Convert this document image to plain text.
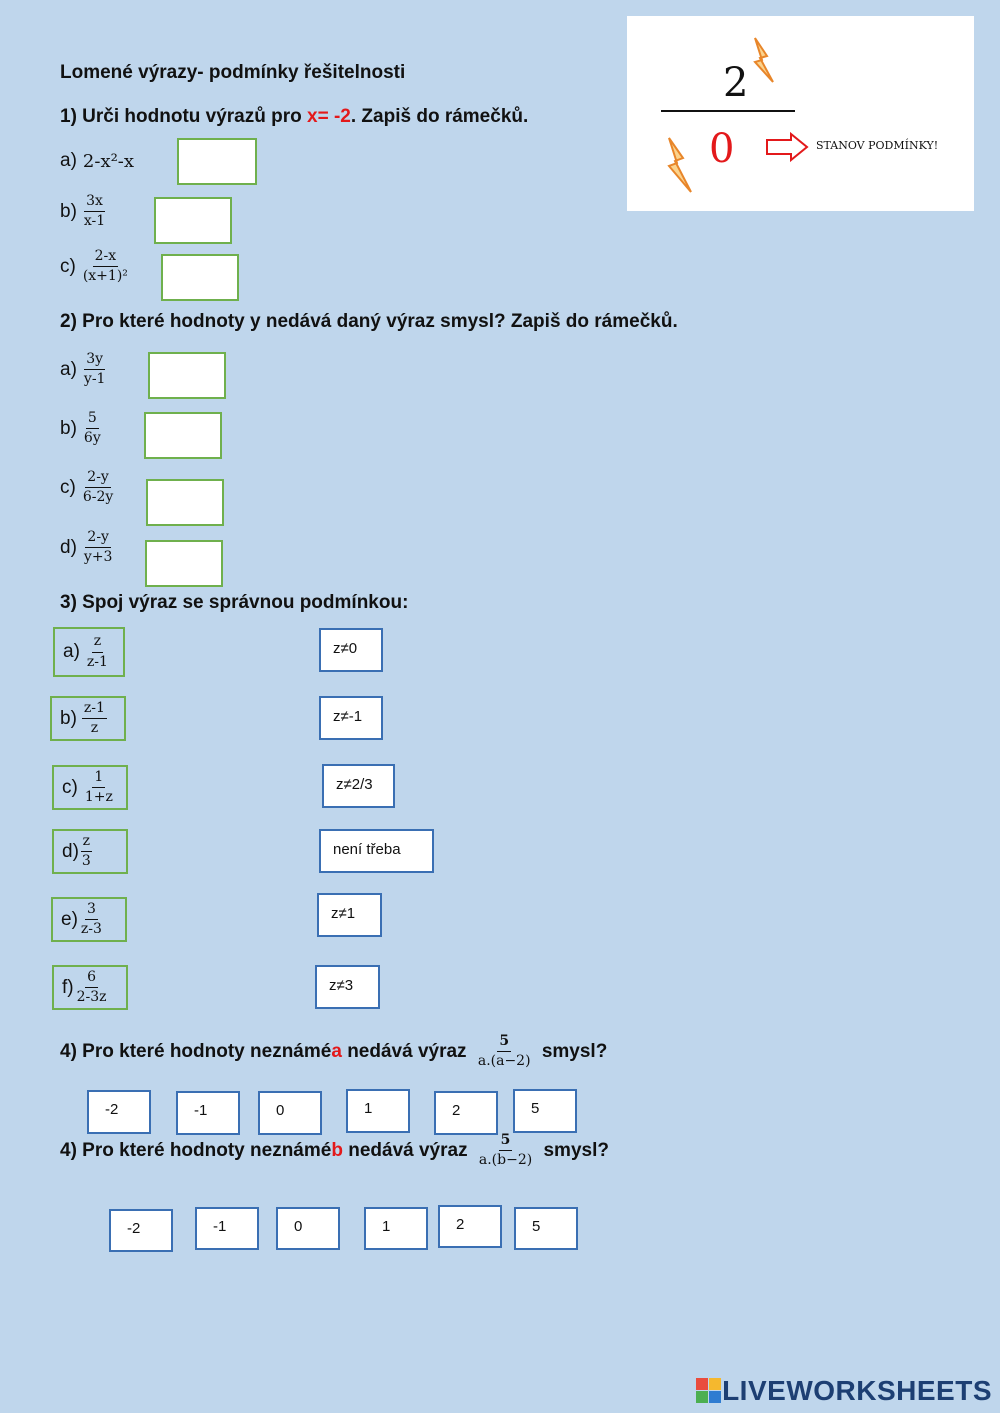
Lomené výrazy- podmínky řešitelnosti	2
0	STANOV PODMÍNKY!
1) Urči hodnotu výrazů pro x= -2. Zapiš do rámečků.
a) 2-x²-x
$b) \frac{3x}{x-1}$
$c) \frac{2-x}{\text{(x+1)²}}$
2) Pro které hodnoty y nedává daný výraz smysl? Zapiš do rámečků.
$a) \frac{3y}{y-1}$
$b) \frac{5}{6y}$
$c) \frac{2-y}{6-2y}$
$d) \frac{2-y}{y+3}$
3) Spoj výraz se správnou podmínkou:
$a) \frac{z}{z-1}$
$b) \frac{z-1}{z}$
$c) \frac{1}{1+z}$
$d) \frac{z}{3}$
$e) \frac{3}{z-3}$
$f) \frac{6}{2-3z}$
z≠0
z≠-1
z≠2/3
není třeba
z≠1
z≠3
4) Pro které hodnoty neznámé a nedává výraz $\frac{5}{a.(a-2)}$ smysl?
-2	-1	0	1	2	5
4) Pro které hodnoty neznámé b nedává výraz $\frac{5}{a.(b-2)}$ smysl?
-2	-1	0	1	2	5
LIVEWORKSHEETS
